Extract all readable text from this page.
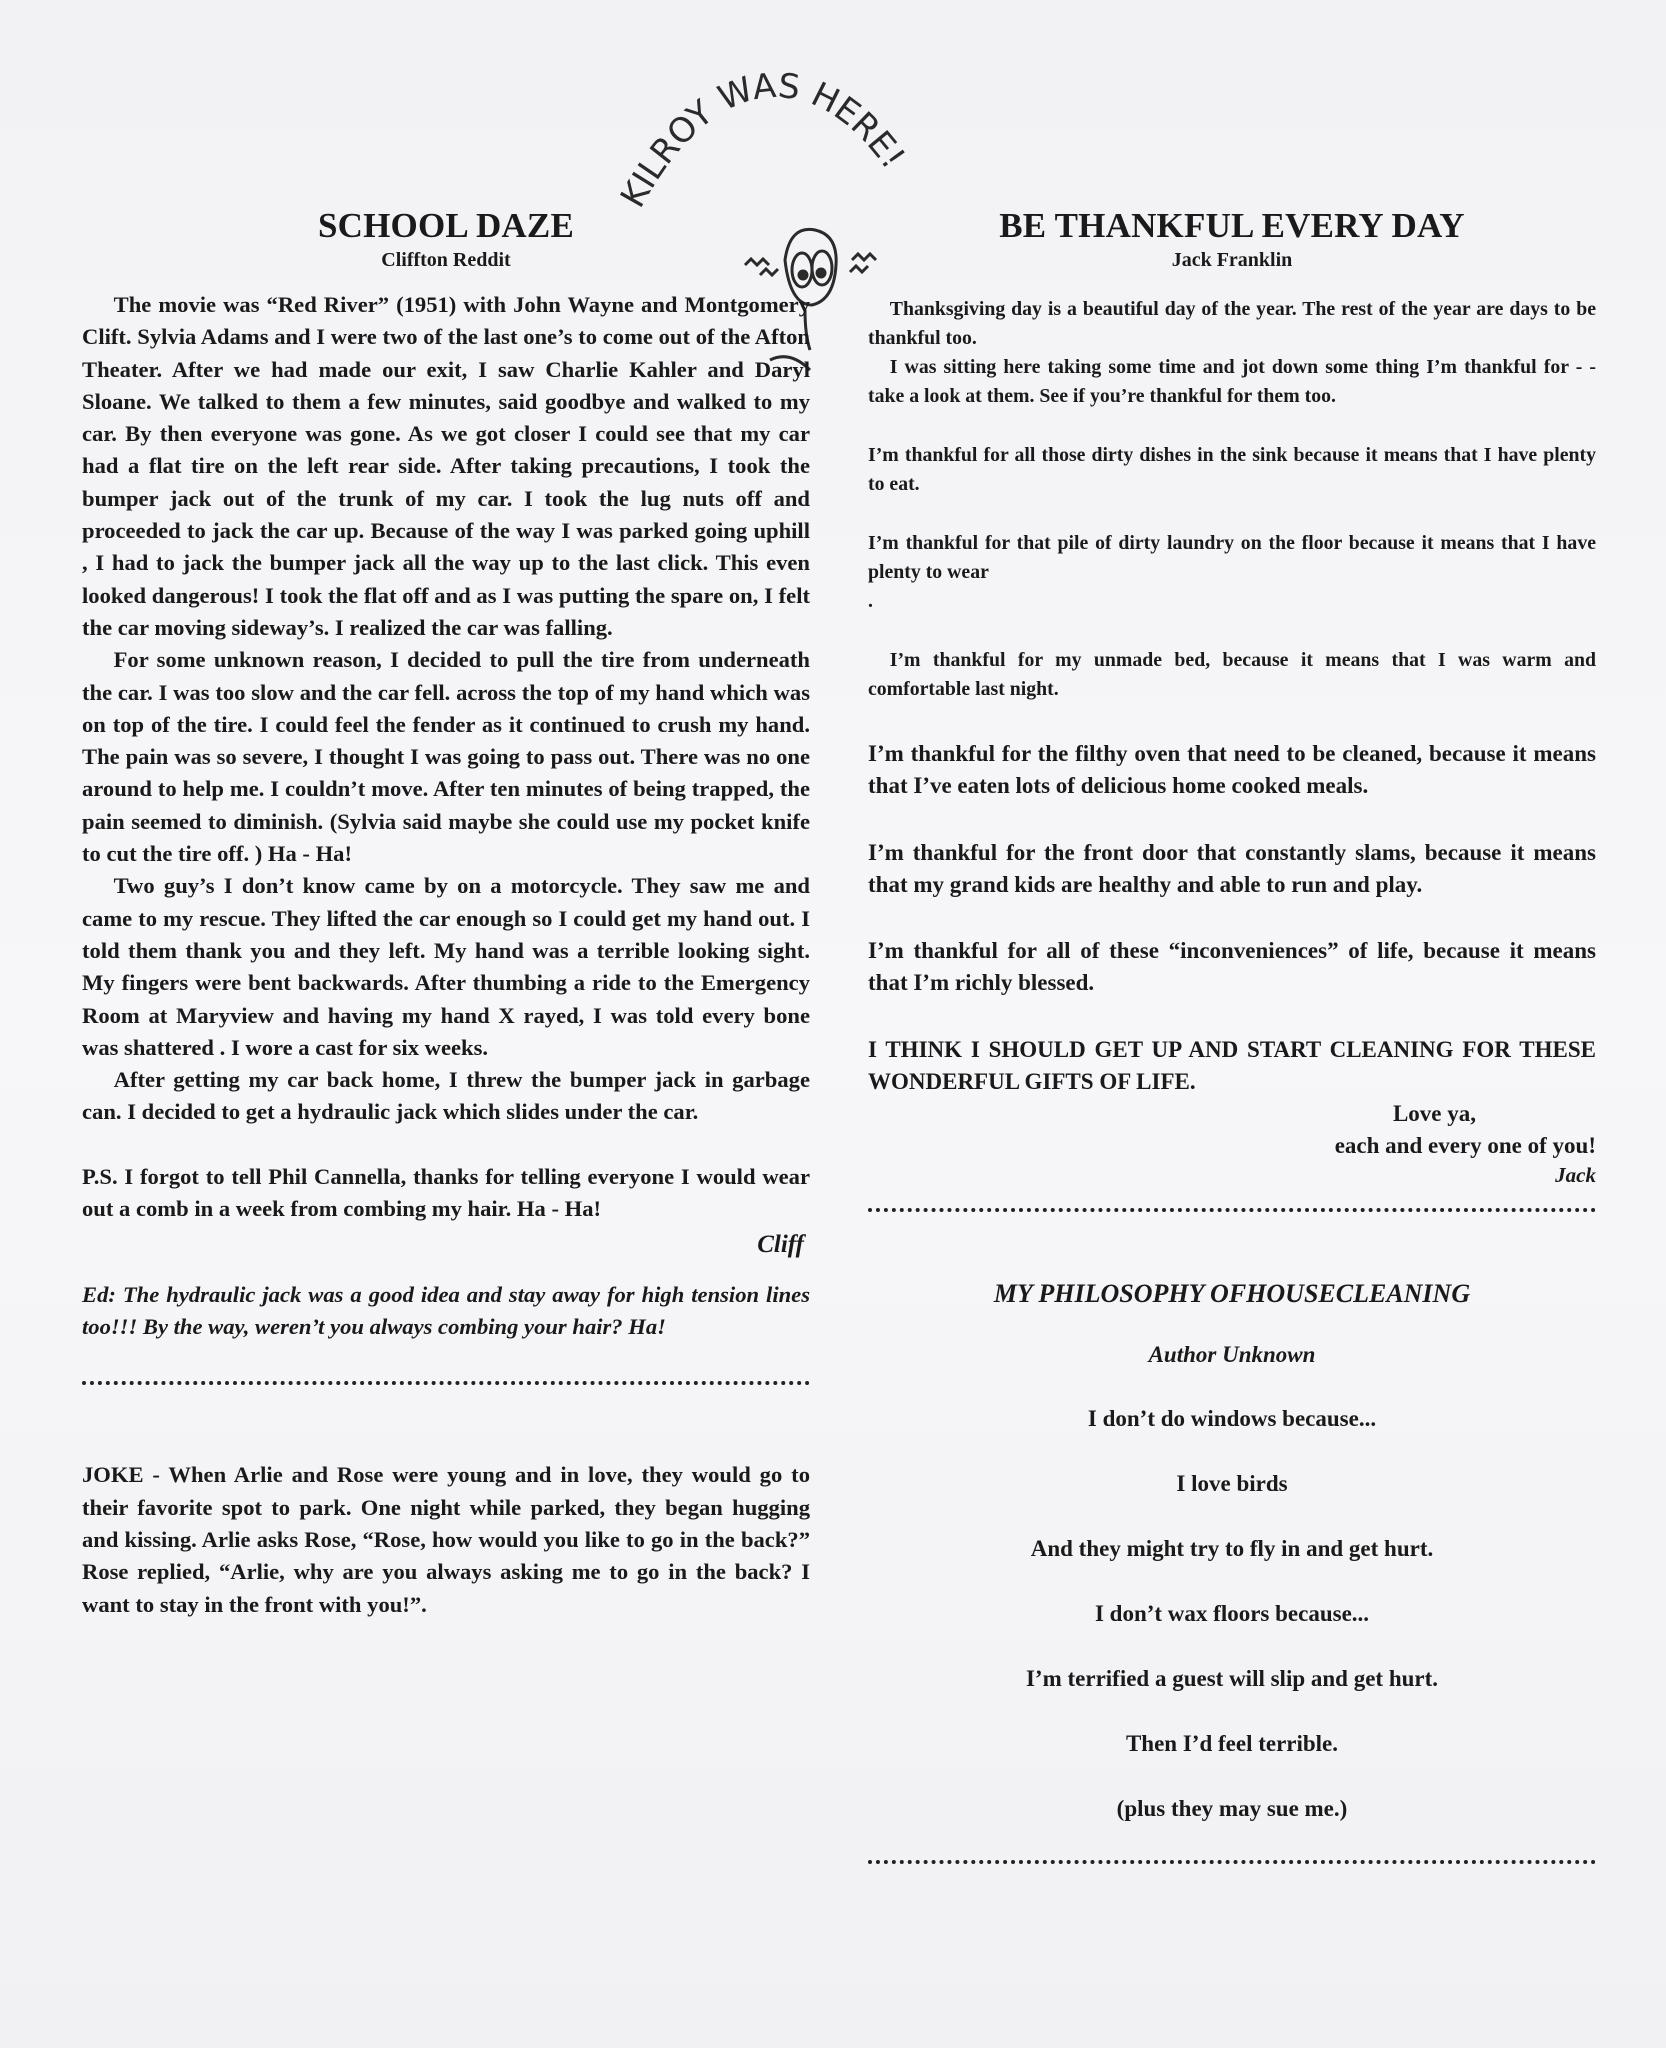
KILROY WAS HERE!
SCHOOL DAZE
Cliffton Reddit

The movie was “Red River” (1951) with John Wayne and Montgomery Clift. Sylvia Adams and I were two of the last one’s to come out of the Afton Theater. After we had made our exit, I saw Charlie Kahler and Daryl Sloane. We talked to them a few minutes, said goodbye and walked to my car. By then everyone was gone. As we got closer I could see that my car had a flat tire on the left rear side. After taking precautions, I took the bumper jack out of the trunk of my car. I took the lug nuts off and proceeded to jack the car up. Because of the way I was parked going uphill , I had to jack the bumper jack all the way up to the last click. This even looked dangerous! I took the flat off and as I was putting the spare on, I felt the car moving sideway’s. I realized the car was falling.

For some unknown reason, I decided to pull the tire from underneath the car. I was too slow and the car fell. across the top of my hand which was on top of the tire. I could feel the fender as it continued to crush my hand. The pain was so severe, I thought I was going to pass out. There was no one around to help me. I couldn’t move. After ten minutes of being trapped, the pain seemed to diminish. (Sylvia said maybe she could use my pocket knife to cut the tire off. ) Ha - Ha!

Two guy’s I don’t know came by on a motorcycle. They saw me and came to my rescue. They lifted the car enough so I could get my hand out. I told them thank you and they left. My hand was a terrible looking sight. My fingers were bent backwards. After thumbing a ride to the Emergency Room at Maryview and having my hand X rayed, I was told every bone was shattered . I wore a cast for six weeks.

After getting my car back home, I threw the bumper jack in garbage can. I decided to get a hydraulic jack which slides under the car.

P.S. I forgot to tell Phil Cannella, thanks for telling everyone I would wear out a comb in a week from combing my hair. Ha - Ha!
Cliff
Ed: The hydraulic jack was a good idea and stay away for high tension lines too!!! By the way, weren’t you always combing your hair? Ha!
JOKE - When Arlie and Rose were young and in love, they would go to their favorite spot to park. One night while parked, they began hugging and kissing. Arlie asks Rose, “Rose, how would you like to go in the back?” Rose replied, “Arlie, why are you always asking me to go in the back? I want to stay in the front with you!”.
BE THANKFUL EVERY DAY
Jack Franklin

Thanksgiving day is a beautiful day of the year. The rest of the year are days to be thankful too.

I was sitting here taking some time and jot down some thing I’m thankful for - - take a look at them. See if you’re thankful for them too.

I’m thankful for all those dirty dishes in the sink because it means that I have plenty to eat.

I’m thankful for that pile of dirty laundry on the floor because it means that I have plenty to wear

.

I’m thankful for my unmade bed, because it means that I was warm and comfortable last night.

I’m thankful for the filthy oven that need to be cleaned, because it means that I’ve eaten lots of delicious home cooked meals.

I’m thankful for the front door that constantly slams, because it means that my grand kids are healthy and able to run and play.

I’m thankful for all of these “inconveniences” of life, because it means that I’m richly blessed.

I THINK I SHOULD GET UP AND START CLEANING FOR THESE WONDERFUL GIFTS OF LIFE.

Love ya,
each and every one of you!
Jack
MY PHILOSOPHY OFHOUSECLEANING
Author Unknown
I don’t do windows because...
I love birds
And they might try to fly in and get hurt.
I don’t wax floors because...
I’m terrified a guest will slip and get hurt.
Then I’d feel terrible.
(plus they may sue me.)
